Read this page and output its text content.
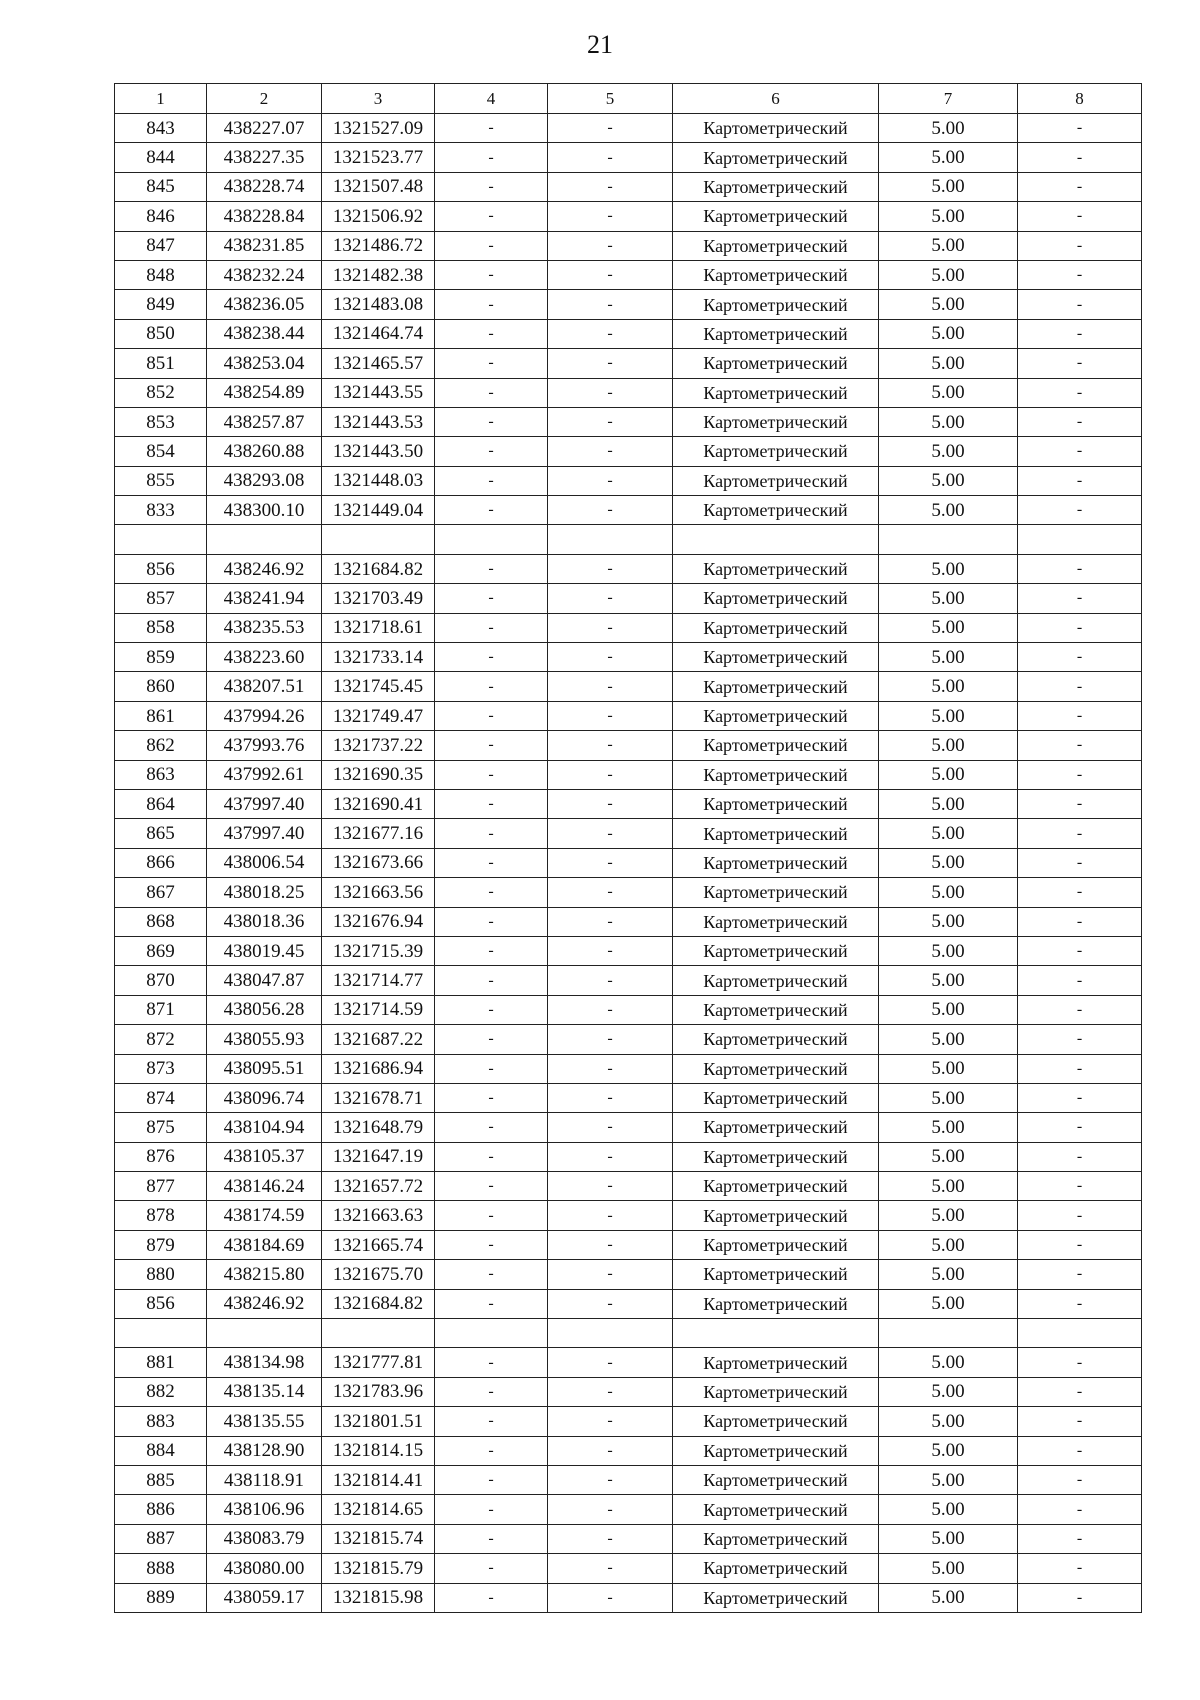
21
1	2	3	4	5	6	7	8
843	438227.07	1321527.09	-	-	Картометрический	5.00	-
844	438227.35	1321523.77	-	-	Картометрический	5.00	-
845	438228.74	1321507.48	-	-	Картометрический	5.00	-
846	438228.84	1321506.92	-	-	Картометрический	5.00	-
847	438231.85	1321486.72	-	-	Картометрический	5.00	-
848	438232.24	1321482.38	-	-	Картометрический	5.00	-
849	438236.05	1321483.08	-	-	Картометрический	5.00	-
850	438238.44	1321464.74	-	-	Картометрический	5.00	-
851	438253.04	1321465.57	-	-	Картометрический	5.00	-
852	438254.89	1321443.55	-	-	Картометрический	5.00	-
853	438257.87	1321443.53	-	-	Картометрический	5.00	-
854	438260.88	1321443.50	-	-	Картометрический	5.00	-
855	438293.08	1321448.03	-	-	Картометрический	5.00	-
833	438300.10	1321449.04	-	-	Картометрический	5.00	-

856	438246.92	1321684.82	-	-	Картометрический	5.00	-
857	438241.94	1321703.49	-	-	Картометрический	5.00	-
858	438235.53	1321718.61	-	-	Картометрический	5.00	-
859	438223.60	1321733.14	-	-	Картометрический	5.00	-
860	438207.51	1321745.45	-	-	Картометрический	5.00	-
861	437994.26	1321749.47	-	-	Картометрический	5.00	-
862	437993.76	1321737.22	-	-	Картометрический	5.00	-
863	437992.61	1321690.35	-	-	Картометрический	5.00	-
864	437997.40	1321690.41	-	-	Картометрический	5.00	-
865	437997.40	1321677.16	-	-	Картометрический	5.00	-
866	438006.54	1321673.66	-	-	Картометрический	5.00	-
867	438018.25	1321663.56	-	-	Картометрический	5.00	-
868	438018.36	1321676.94	-	-	Картометрический	5.00	-
869	438019.45	1321715.39	-	-	Картометрический	5.00	-
870	438047.87	1321714.77	-	-	Картометрический	5.00	-
871	438056.28	1321714.59	-	-	Картометрический	5.00	-
872	438055.93	1321687.22	-	-	Картометрический	5.00	-
873	438095.51	1321686.94	-	-	Картометрический	5.00	-
874	438096.74	1321678.71	-	-	Картометрический	5.00	-
875	438104.94	1321648.79	-	-	Картометрический	5.00	-
876	438105.37	1321647.19	-	-	Картометрический	5.00	-
877	438146.24	1321657.72	-	-	Картометрический	5.00	-
878	438174.59	1321663.63	-	-	Картометрический	5.00	-
879	438184.69	1321665.74	-	-	Картометрический	5.00	-
880	438215.80	1321675.70	-	-	Картометрический	5.00	-
856	438246.92	1321684.82	-	-	Картометрический	5.00	-

881	438134.98	1321777.81	-	-	Картометрический	5.00	-
882	438135.14	1321783.96	-	-	Картометрический	5.00	-
883	438135.55	1321801.51	-	-	Картометрический	5.00	-
884	438128.90	1321814.15	-	-	Картометрический	5.00	-
885	438118.91	1321814.41	-	-	Картометрический	5.00	-
886	438106.96	1321814.65	-	-	Картометрический	5.00	-
887	438083.79	1321815.74	-	-	Картометрический	5.00	-
888	438080.00	1321815.79	-	-	Картометрический	5.00	-
889	438059.17	1321815.98	-	-	Картометрический	5.00	-
